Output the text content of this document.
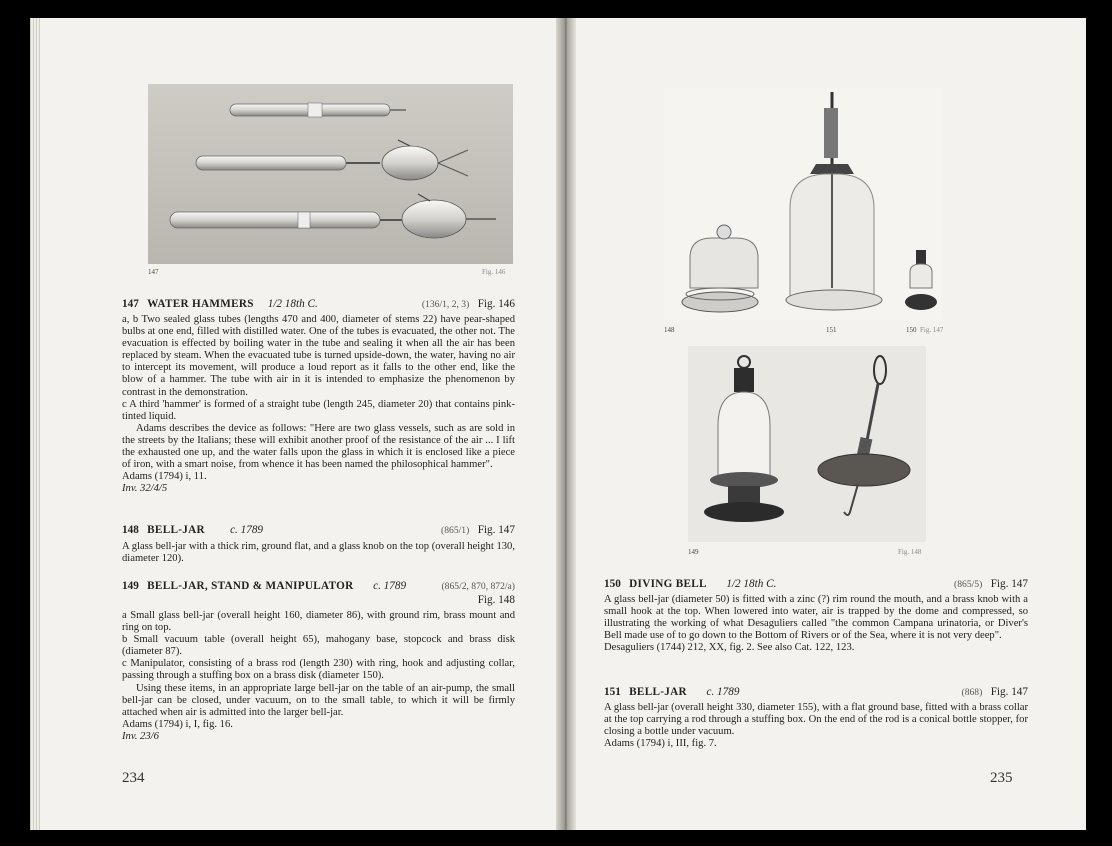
147	Fig. 146
147 WATER HAMMERS 1/2 18th C.	(136/1, 2, 3) Fig. 146

a, b Two sealed glass tubes (lengths 470 and 400, diameter of stems 22) have pear-shaped bulbs at one end, filled with distilled water. One of the tubes is evacuated, the other not. The evacuation is effected by boiling water in the tube and sealing it when all the air has been replaced by steam. When the evacuated tube is turned upside-down, the water, having no air to intercept its movement, will produce a loud report as it falls to the other end, like the blow of a hammer. The tube with air in it is intended to emphasize the phenomenon by contrast in the demonstration.

c A third 'hammer' is formed of a straight tube (length 245, diameter 20) that contains pink-tinted liquid.

Adams describes the device as follows: "Here are two glass vessels, such as are sold in the streets by the Italians; these will exhibit another proof of the resistance of the air ... I lift the exhausted one up, and the water falls upon the glass in which it is enclosed like a piece of iron, with a smart noise, from whence it has been named the philosophical hammer".

Adams (1794) i, 11.

Inv. 32/4/5

148 BELL-JAR c. 1789	(865/1) Fig. 147

A glass bell-jar with a thick rim, ground flat, and a glass knob on the top (overall height 130, diameter 120).

149 BELL-JAR, STAND & MANIPULATOR c. 1789	(865/2, 870, 872/a)
Fig. 148

a Small glass bell-jar (overall height 160, diameter 86), with ground rim, brass mount and ring on top.

b Small vacuum table (overall height 65), mahogany base, stopcock and brass disk (diameter 87).

c Manipulator, consisting of a brass rod (length 230) with ring, hook and adjusting collar, passing through a stuffing box on a brass disk (diameter 150).

Using these items, in an appropriate large bell-jar on the table of an air-pump, the small bell-jar can be closed, under vacuum, on to the small table, to which it will be firmly attached when air is admitted into the larger bell-jar.

Adams (1794) i, I, fig. 16.

Inv. 23/6

234
148	151	150 Fig. 147
149	Fig. 148
150 DIVING BELL 1/2 18th C.	(865/5) Fig. 147

A glass bell-jar (diameter 50) is fitted with a zinc (?) rim round the mouth, and a brass knob with a small hook at the top. When lowered into water, air is trapped by the dome and compressed, so illustrating the working of what Desaguliers called "the common Campana urinatoria, or Diver's Bell made use of to go down to the Bottom of Rivers or of the Sea, where it is not very deep".

Desaguliers (1744) 212, XX, fig. 2. See also Cat. 122, 123.

151 BELL-JAR c. 1789	(868) Fig. 147

A glass bell-jar (overall height 330, diameter 155), with a flat ground base, fitted with a brass collar at the top carrying a rod through a stuffing box. On the end of the rod is a conical bottle stopper, for closing a bottle under vacuum.

Adams (1794) i, III, fig. 7.

235
